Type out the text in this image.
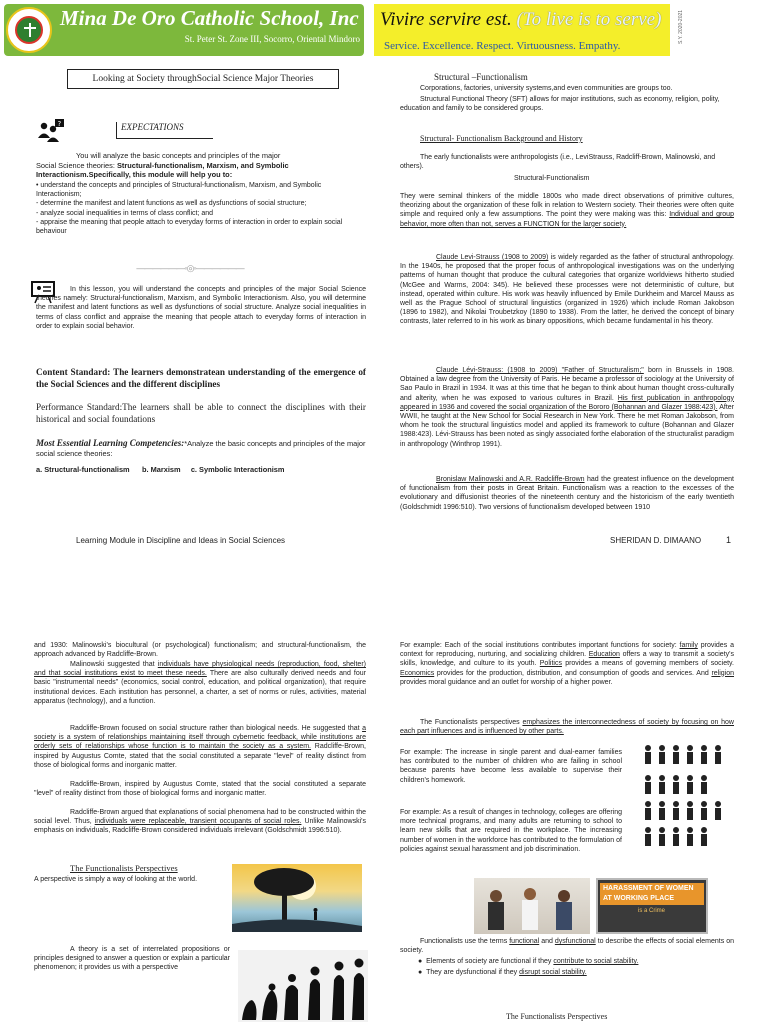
Mina De Oro Catholic School, Inc
St. Peter St. Zone III, Socorro, Oriental Mindoro
Vivire servire est. (To live is to serve)
Service. Excellence. Respect. Virtuousness. Empathy.
S.Y. 2020-2021
Looking at Society throughSocial Science Major Theories
?	EXPECTATIONS
You will analyze the basic concepts and principles of the major
Social Science theories: Structural-functionalism, Marxism, and Symbolic
Interactionism.Specifically, this module will help you to:
• understand the concepts and principles of Structural-functionalism, Marxism, and Symbolic Interactionism;
- determine the manifest and latent functions as well as dysfunctions of social structure;
- analyze social inequalities in terms of class conflict; and
- appraise the meaning that people attach to everyday forms of interaction in order to explain social behaviour
——————◦◎◦——————
In this lesson, you will understand the concepts and principles of the major Social Science theories namely: Structural-functionalism, Marxism, and Symbolic Interactionism. Also, you will determine the manifest and latent functions as well as dysfunctions of social structure. Analyze social inequalities in terms of class conflict and appraise the meaning that people attach to everyday forms of interaction in order to explain social behavior.
Content Standard: The learners demonstratean understanding of the emergence of the Social Sciences and the different disciplines
Performance Standard:The learners shall be able to connect the disciplines with their historical and social foundations
Most Essential Learning Competencies:*Analyze the basic concepts and principles of the major social science theories:
a. Structural-functionalism      b. Marxism     c. Symbolic Interactionism
Structural –Functionalism
Corporations, factories, university systems,and even communities are groups too.
Structural Functional Theory (SFT) allows for major institutions, such as economy, religion, polity, education and family to be considered groups.
Structural- Functionalism Background and History
The early functionalists were anthropologists (i.e., LeviStrauss, Radcliff-Brown, Malinowski, and others).
Structural-Functionalism
They were seminal thinkers of the middle 1800s who made direct observations of primitive cultures, theorizing about the organization of these folk in relation to Western society. Their theories were often quite simple and required only a few assumptions. The point they were making was this: Individual and group behavior, more often than not, serves a FUNCTION for the larger society.
Claude Levi-Strauss (1908 to 2009) is widely regarded as the father of structural anthropology. In the 1940s, he proposed that the proper focus of anthropological investigations was on the underlying patterns of human thought that produce the cultural categories that organize worldviews hitherto studied (McGee and Warms, 2004: 345). He believed these processes were not deterministic of culture, but instead, operated within culture. His work was heavily influenced by Emile Durkheim and Marcel Mauss as well as the Prague School of structural linguistics (organized in 1926) which include Roman Jakobson (1896 to 1982), and Nikolai Troubetzkoy (1890 to 1938). From the latter, he derived the concept of binary contrasts, later referred to in his work as binary oppositions, which became fundamental in his theory.
Claude Lévi-Strauss: (1908 to 2009) "Father of Structuralism;" born in Brussels in 1908. Obtained a law degree from the University of Paris. He became a professor of sociology at the University of Sao Paulo in Brazil in 1934. It was at this time that he began to think about human thought cross-culturally and alterity, when he was exposed to various cultures in Brazil. His first publication in anthropology appeared in 1936 and covered the social organization of the Bororo (Bohannan and Glazer 1988:423). After WWII, he taught at the New School for Social Research in New York. There he met Roman Jakobson, from whom he took the structural linguistics model and applied its framework to culture (Bohannan and Glazer 1988:423). Lévi-Strauss has been noted as singly associated forthe elaboration of the structuralist paradigm in anthropology (Winthrop 1991).
Bronislaw Malinowski and A.R. Radcliffe-Brown had the greatest influence on the development of functionalism from their posts in Great Britain. Functionalism was a reaction to the excesses of the evolutionary and diffusionist theories of the nineteenth century and the historicism of the early twentieth (Goldschmidt 1996:510). Two versions of functionalism developed between 1910
Learning Module in Discipline and Ideas in Social Sciences	SHERIDAN D. DIMAANO	1
and 1930: Malinowski's biocultural (or psychological) functionalism; and structural-functionalism, the approach advanced by Radcliffe-Brown.
Malinowski suggested that individuals have physiological needs (reproduction, food, shelter) and that social institutions exist to meet these needs. There are also culturally derived needs and four basic "instrumental needs" (economics, social control, education, and political organization), that require institutional devices. Each institution has personnel, a charter, a set of norms or rules, activities, material apparatus (technology), and a function.
Radcliffe-Brown focused on social structure rather than biological needs. He suggested that a society is a system of relationships maintaining itself through cybernetic feedback, while institutions are orderly sets of relationships whose function is to maintain the society as a system. Radcliffe-Brown, inspired by Augustus Comte, stated that the social constituted a separate "level" of reality distinct from those of biological forms and inorganic matter.
Radcliffe-Brown, inspired by Augustus Comte, stated that the social constituted a separate "level" of reality distinct from those of biological forms and inorganic matter.
Radcliffe-Brown argued that explanations of social phenomena had to be constructed within the social level. Thus, individuals were replaceable, transient occupants of social roles. Unlike Malinowski's emphasis on individuals, Radcliffe-Brown considered individuals irrelevant (Goldschmidt 1996:510).
The Functionalists Perspectives
A perspective is simply a way of looking at the world.
A theory is a set of interrelated propositions or principles designed to answer a question or explain a particular phenomenon; it provides us with a perspective
For example: Each of the social institutions contributes important functions for society: family provides a context for reproducing, nurturing, and socializing children. Education offers a way to transmit a society's skills, knowledge, and culture to its youth. Politics provides a means of governing members of society. Economics provides for the production, distribution, and consumption of goods and services. And religion provides moral guidance and an outlet for worship of a higher power.
The Functionalists perspectives emphasizes the interconnectedness of society by focusing on how each part influences and is influenced by other parts.
For example: The increase in single parent and dual-earner families has contributed to the number of children who are failing in school because parents have become less available to supervise their children's homework.
For example: As a result of changes in technology, colleges are offering more technical programs, and many adults are returning to school to learn new skills that are required in the workplace. The increasing number of women in the workforce has contributed to the formulation of policies against sexual harassment and job discrimination.
HARASSMENT OF WOMEN AT WORKING PLACE
is a Crime
Functionalists use the terms functional and dysfunctional to describe the effects of social elements on society.
●  Elements of society are functional if they contribute to social stability.
●  They are dysfunctional if they disrupt social stability.
The Functionalists Perspectives
